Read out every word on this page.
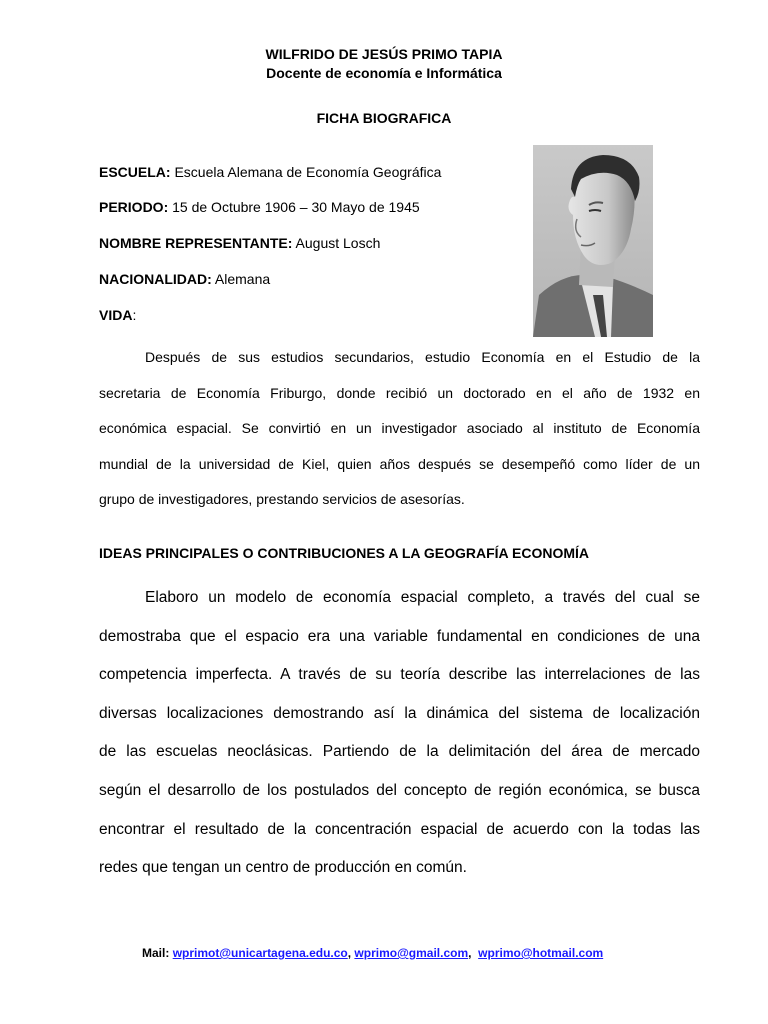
WILFRIDO DE JESÚS PRIMO TAPIA
Docente de economía e Informática
FICHA BIOGRAFICA
ESCUELA: Escuela Alemana de Economía Geográfica
PERIODO: 15 de Octubre 1906 – 30 Mayo de 1945
NOMBRE REPRESENTANTE: August Losch
NACIONALIDAD: Alemana
VIDA:
Después de sus estudios secundarios, estudio Economía en el Estudio de la
secretaria de Economía Friburgo, donde recibió un doctorado en el año de 1932 en
económica espacial. Se convirtió en un investigador asociado al instituto de Economía
mundial de la universidad de Kiel, quien años después se desempeñó como líder de un
grupo de investigadores, prestando servicios de asesorías.
IDEAS PRINCIPALES O CONTRIBUCIONES A LA GEOGRAFÍA ECONOMÍA
Elaboro un modelo de economía espacial completo, a través del cual se
demostraba que el espacio era una variable fundamental en condiciones de una
competencia imperfecta. A través de su teoría describe las interrelaciones de las
diversas localizaciones demostrando así la dinámica del sistema de localización
de las escuelas neoclásicas. Partiendo de la delimitación del área de mercado
según el desarrollo de los postulados del concepto de región económica, se busca
encontrar el resultado de la concentración espacial de acuerdo con la todas las
redes que tengan un centro de producción en común.
Mail: wprimot@unicartagena.edu.co, wprimo@gmail.com,  wprimo@hotmail.com
